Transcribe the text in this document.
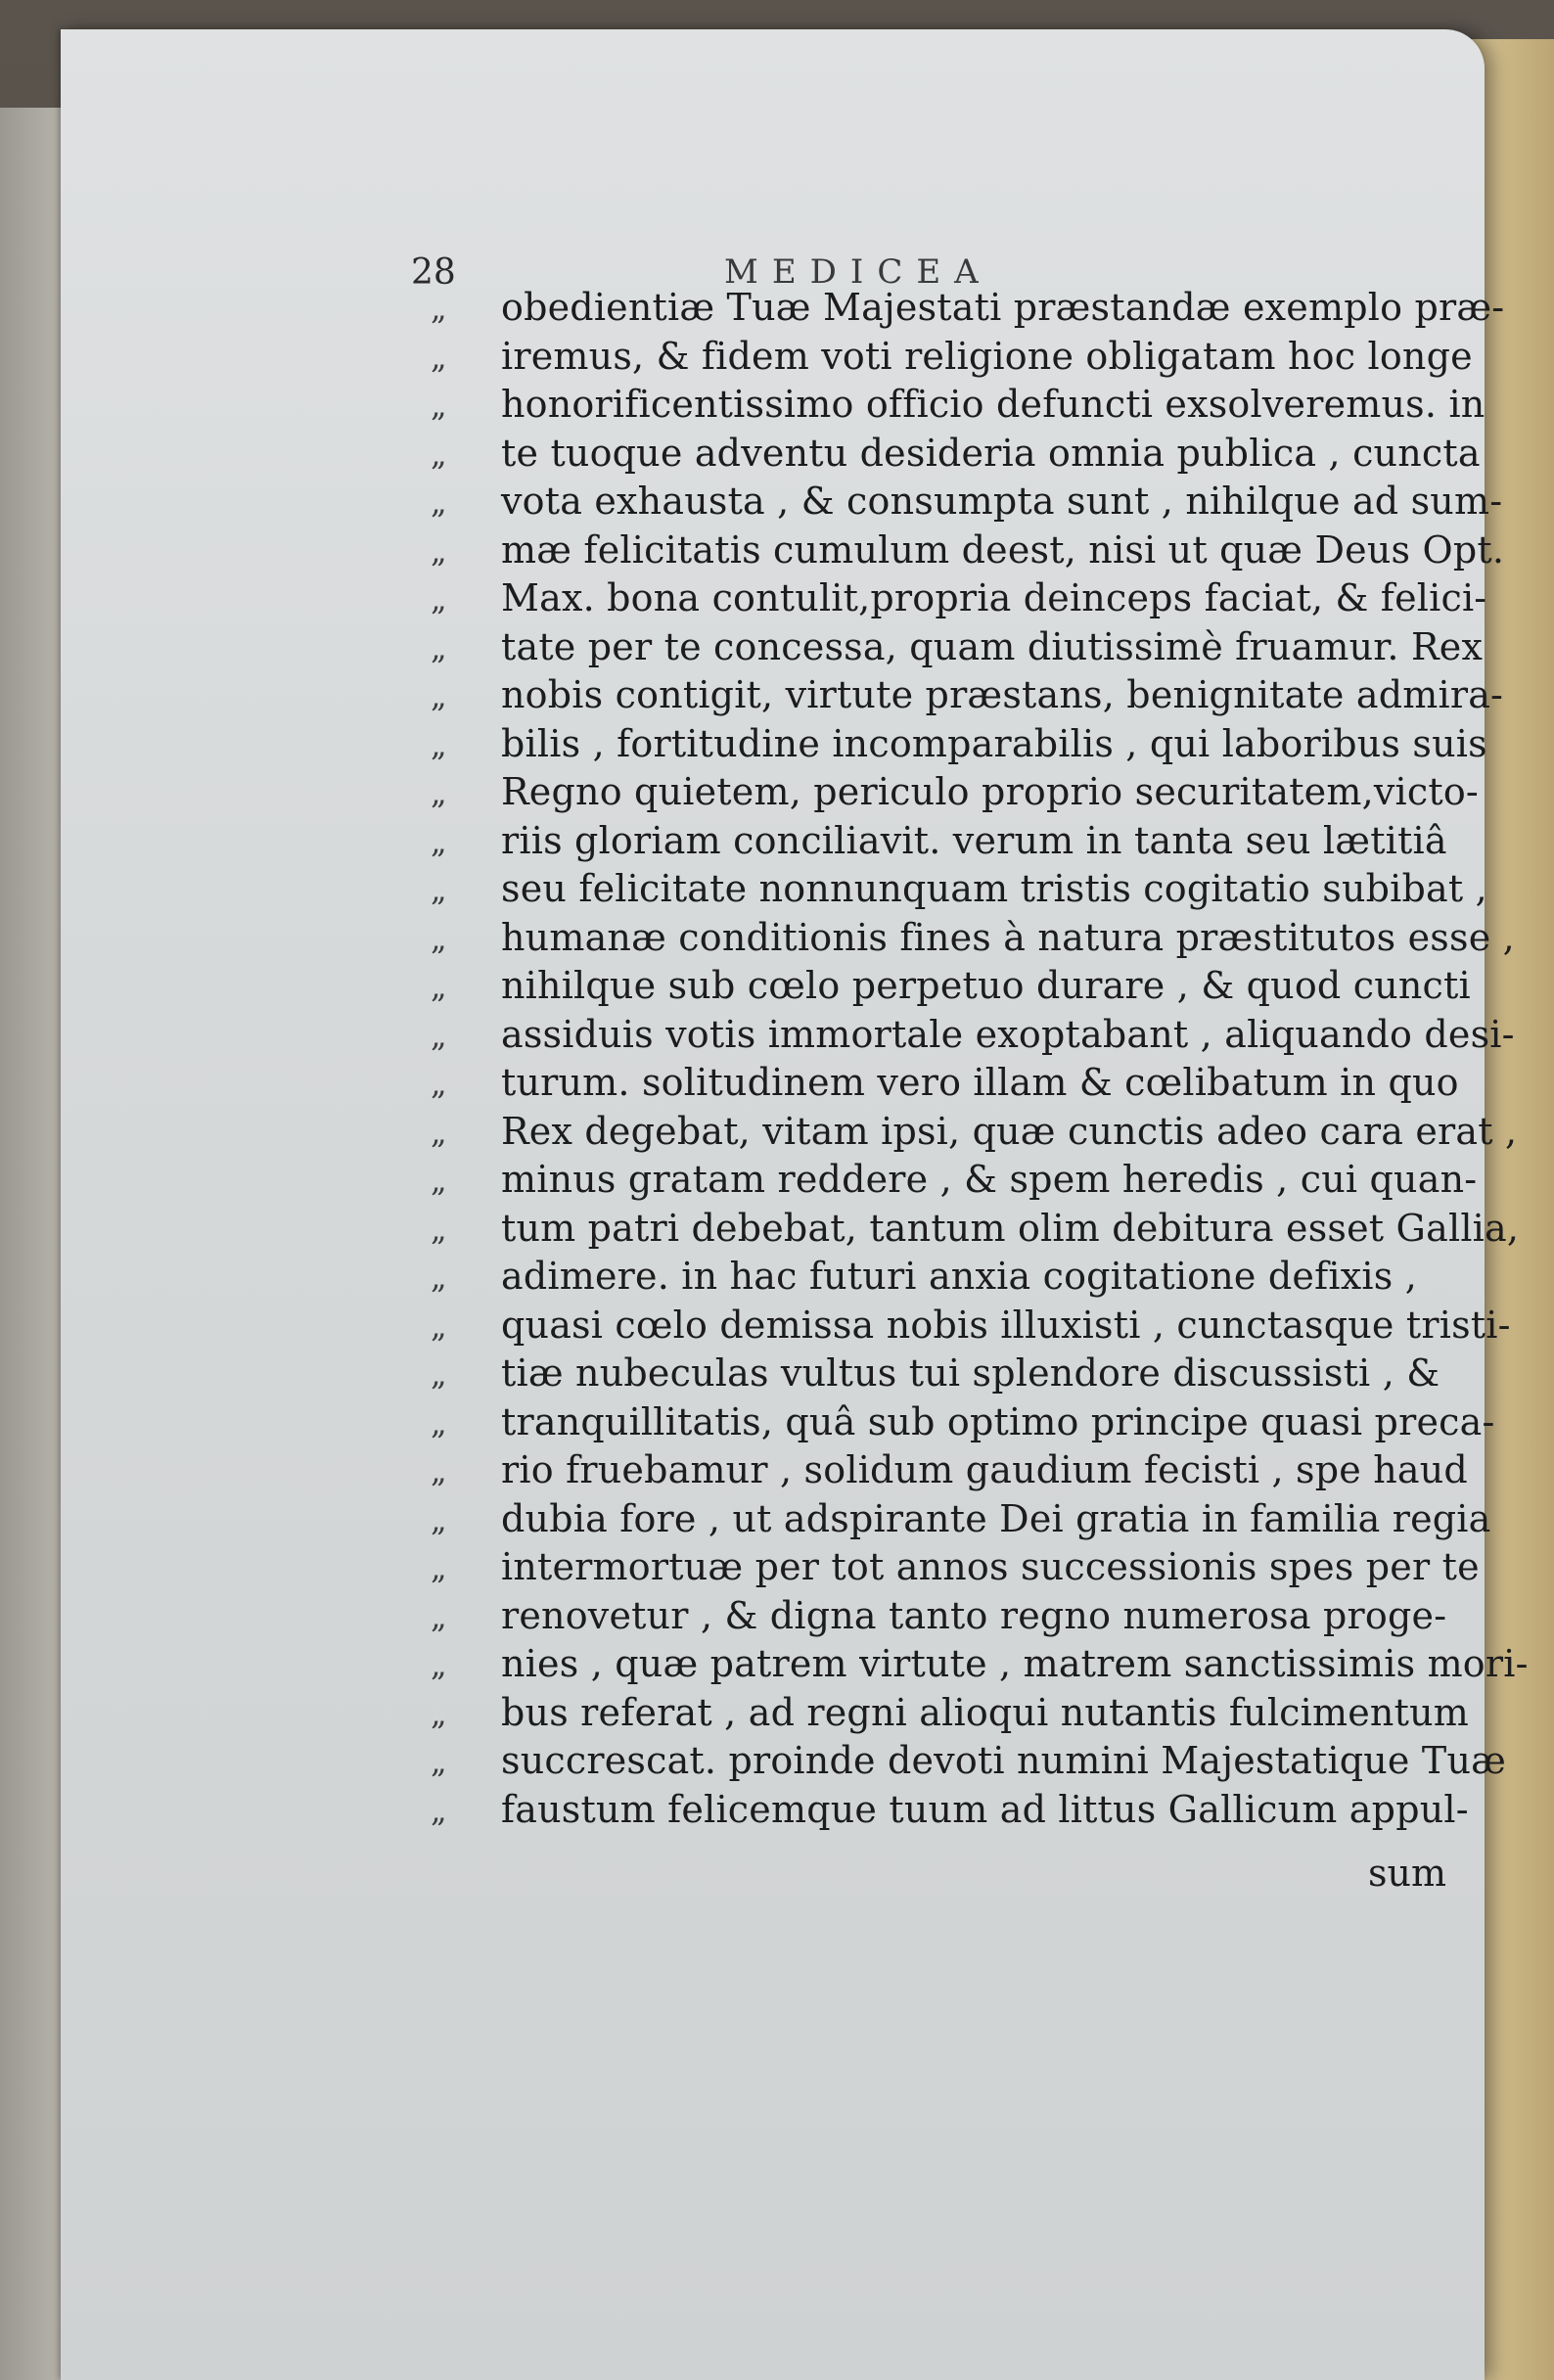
28	MEDICEA
„	obedientiæ Tuæ Majestati præstandæ exemplo præ-
„	iremus, & fidem voti religione obligatam hoc longe
„	honorificentissimo officio defuncti exsolveremus. in
„	te tuoque adventu desideria omnia publica , cuncta
„	vota exhausta , & consumpta sunt , nihilque ad sum-
„	mæ felicitatis cumulum deest, nisi ut quæ Deus Opt.
„	Max. bona contulit,propria deinceps faciat, & felici-
„	tate per te concessa, quam diutissimè fruamur. Rex
„	nobis contigit, virtute præstans, benignitate admira-
„	bilis , fortitudine incomparabilis , qui laboribus suis
„	Regno quietem, periculo proprio securitatem,victo-
„	riis gloriam conciliavit. verum in tanta seu lætitiâ
„	seu felicitate nonnunquam tristis cogitatio subibat ,
„	humanæ conditionis fines à natura præstitutos esse ,
„	nihilque sub cœlo perpetuo durare , & quod cuncti
„	assiduis votis immortale exoptabant , aliquando desi-
„	turum. solitudinem vero illam & cœlibatum in quo
„	Rex degebat, vitam ipsi, quæ cunctis adeo cara erat ,
„	minus gratam reddere , & spem heredis , cui quan-
„	tum patri debebat, tantum olim debitura esset Gallia,
„	adimere. in hac futuri anxia cogitatione defixis ,
„	quasi cœlo demissa nobis illuxisti , cunctasque tristi-
„	tiæ nubeculas vultus tui splendore discussisti , &
„	tranquillitatis, quâ sub optimo principe quasi preca-
„	rio fruebamur , solidum gaudium fecisti , spe haud
„	dubia fore , ut adspirante Dei gratia in familia regia
„	intermortuæ per tot annos successionis spes per te
„	renovetur , & digna tanto regno numerosa proge-
„	nies , quæ patrem virtute , matrem sanctissimis mori-
„	bus referat , ad regni alioqui nutantis fulcimentum
„	succrescat. proinde devoti numini Majestatique Tuæ
„	faustum felicemque tuum ad littus Gallicum appul-
sum
